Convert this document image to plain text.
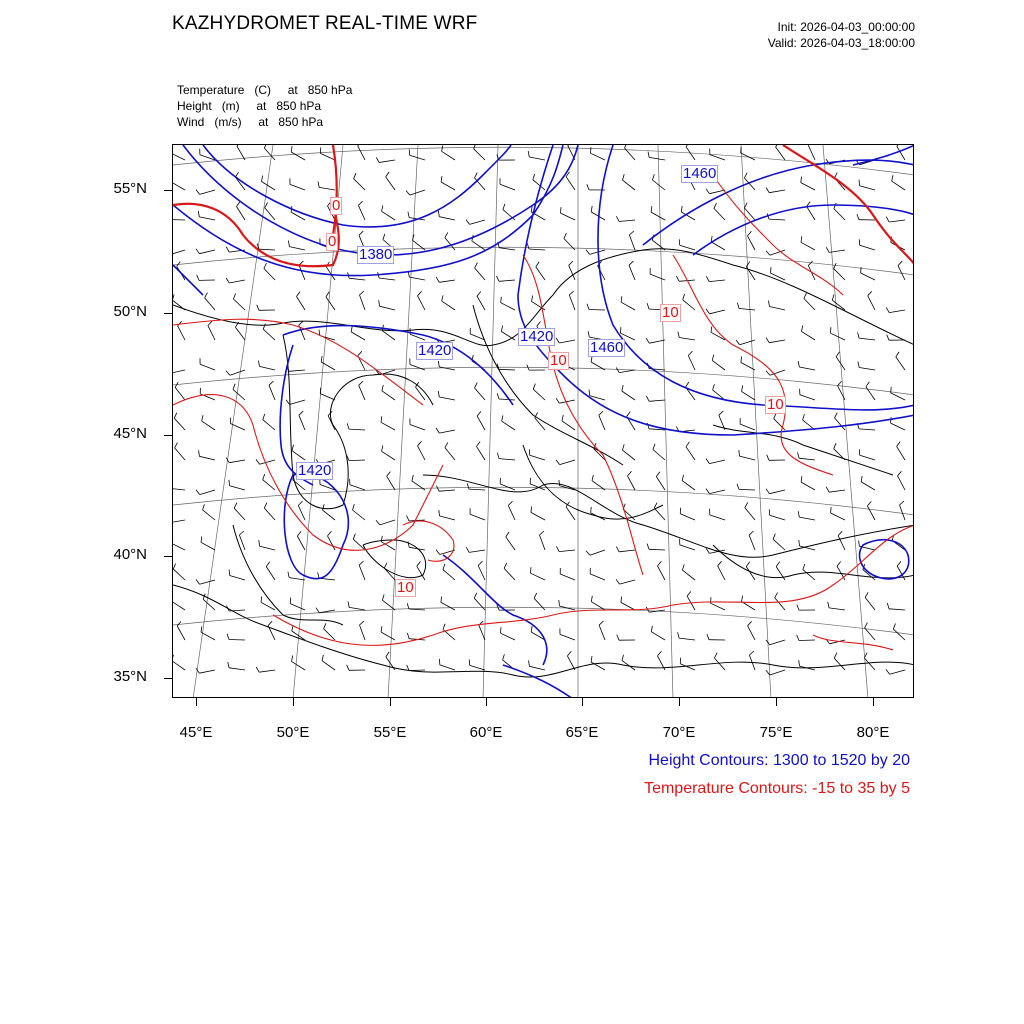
KAZHYDROMET REAL-TIME WRF	Init: 2026-04-03_00:00:00
Valid: 2026-04-03_18:00:00
Temperature   (C)     at   850 hPa
Height   (m)     at   850 hPa
Wind   (m/s)     at   850 hPa
1460
1380
1420
1420
1460
1420
0
0
10
10
10
10
55°N
50°N
45°N
40°N
35°N
45°E	50°E	55°E	60°E	65°E	70°E	75°E	80°E
Height Contours: 1300 to 1520 by 20
Temperature Contours: -15 to 35 by 5
